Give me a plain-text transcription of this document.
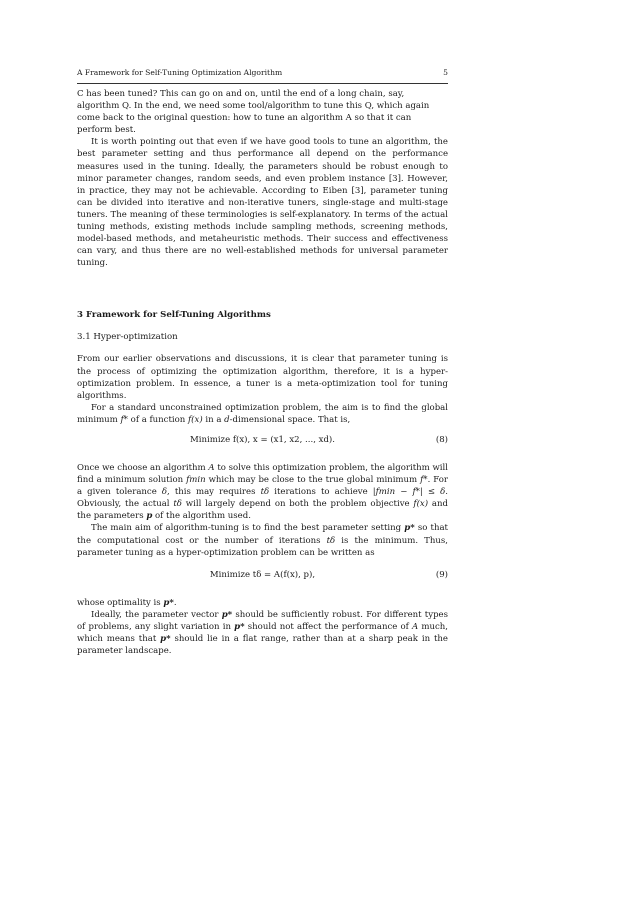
A Framework for Self-Tuning Optimization Algorithm	5

C has been tuned? This can go on and on, until the end of a long chain, say,

algorithm Q. In the end, we need some tool/algorithm to tune this Q, which again

come back to the original question: how to tune an algorithm A so that it can

perform best.

It is worth pointing out that even if we have good tools to tune an algorithm, the best parameter setting and thus performance all depend on the performance measures used in the tuning. Ideally, the parameters should be robust enough to minor parameter changes, random seeds, and even problem instance [3]. However, in practice, they may not be achievable. According to Eiben [3], parameter tuning can be divided into iterative and non-iterative tuners, single-stage and multi-stage tuners. The meaning of these terminologies is self-explanatory. In terms of the actual tuning methods, existing methods include sampling methods, screening methods, model-based methods, and metaheuristic methods. Their success and effectiveness can vary, and thus there are no well-established methods for universal parameter tuning.

3 Framework for Self-Tuning Algorithms

3.1 Hyper-optimization

From our earlier observations and discussions, it is clear that parameter tuning is the process of optimizing the optimization algorithm, therefore, it is a hyper-optimization problem. In essence, a tuner is a meta-optimization tool for tuning algorithms.

For a standard unconstrained optimization problem, the aim is to find the global minimum f* of a function f(x) in a d-dimensional space. That is,

Minimize f(x), x = (x1, x2, ..., xd).	(8)

Once we choose an algorithm A to solve this optimization problem, the algorithm will find a minimum solution fmin which may be close to the true global minimum f*. For a given tolerance δ, this may requires tδ iterations to achieve |fmin − f*| ≤ δ. Obviously, the actual tδ will largely depend on both the problem objective f(x) and the parameters p of the algorithm used.

The main aim of algorithm-tuning is to find the best parameter setting p* so that the computational cost or the number of iterations tδ is the minimum. Thus, parameter tuning as a hyper-optimization problem can be written as

Minimize tδ = A(f(x), p),	(9)

whose optimality is p*.

Ideally, the parameter vector p* should be sufficiently robust. For different types of problems, any slight variation in p* should not affect the performance of A much, which means that p* should lie in a flat range, rather than at a sharp peak in the parameter landscape.
